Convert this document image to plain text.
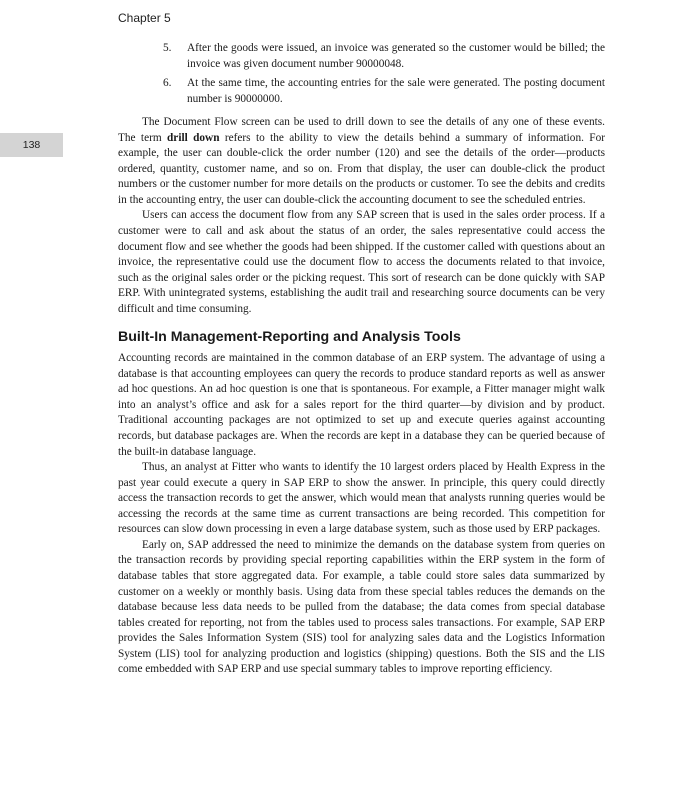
Chapter 5
138
5. After the goods were issued, an invoice was generated so the customer would be billed; the invoice was given document number 90000048.
6. At the same time, the accounting entries for the sale were generated. The posting document number is 90000000.

The Document Flow screen can be used to drill down to see the details of any one of these events. The term drill down refers to the ability to view the details behind a summary of information. For example, the user can double-click the order number (120) and see the details of the order—products ordered, quantity, customer name, and so on. From that display, the user can double-click the product numbers or the customer number for more details on the products or customer. To see the debits and credits in the accounting entry, the user can double-click the accounting document to see the scheduled entries.

Users can access the document flow from any SAP screen that is used in the sales order process. If a customer were to call and ask about the status of an order, the sales representative could access the document flow and see whether the goods had been shipped. If the customer called with questions about an invoice, the representative could use the document flow to access the documents related to that invoice, such as the original sales order or the picking request. This sort of research can be done quickly with SAP ERP. With unintegrated systems, establishing the audit trail and researching source documents can be very difficult and time consuming.

Built-In Management-Reporting and Analysis Tools

Accounting records are maintained in the common database of an ERP system. The advantage of using a database is that accounting employees can query the records to produce standard reports as well as answer ad hoc questions. An ad hoc question is one that is spontaneous. For example, a Fitter manager might walk into an analyst’s office and ask for a sales report for the third quarter—by division and by product. Traditional accounting packages are not optimized to set up and execute queries against accounting records, but database packages are. When the records are kept in a database they can be queried because of the built-in database language.

Thus, an analyst at Fitter who wants to identify the 10 largest orders placed by Health Express in the past year could execute a query in SAP ERP to show the answer. In principle, this query could directly access the transaction records to get the answer, which would mean that analysts running queries would be accessing the records at the same time as current transactions are being recorded. This competition for resources can slow down processing in even a large database system, such as those used by ERP packages.

Early on, SAP addressed the need to minimize the demands on the database system from queries on the transaction records by providing special reporting capabilities within the ERP system in the form of database tables that store aggregated data. For example, a table could store sales data summarized by customer on a weekly or monthly basis. Using data from these special tables reduces the demands on the database because less data needs to be pulled from the database; the data comes from special database tables created for reporting, not from the tables used to process sales transactions. For example, SAP ERP provides the Sales Information System (SIS) tool for analyzing sales data and the Logistics Information System (LIS) tool for analyzing production and logistics (shipping) questions. Both the SIS and the LIS come embedded with SAP ERP and use special summary tables to improve reporting efficiency.
